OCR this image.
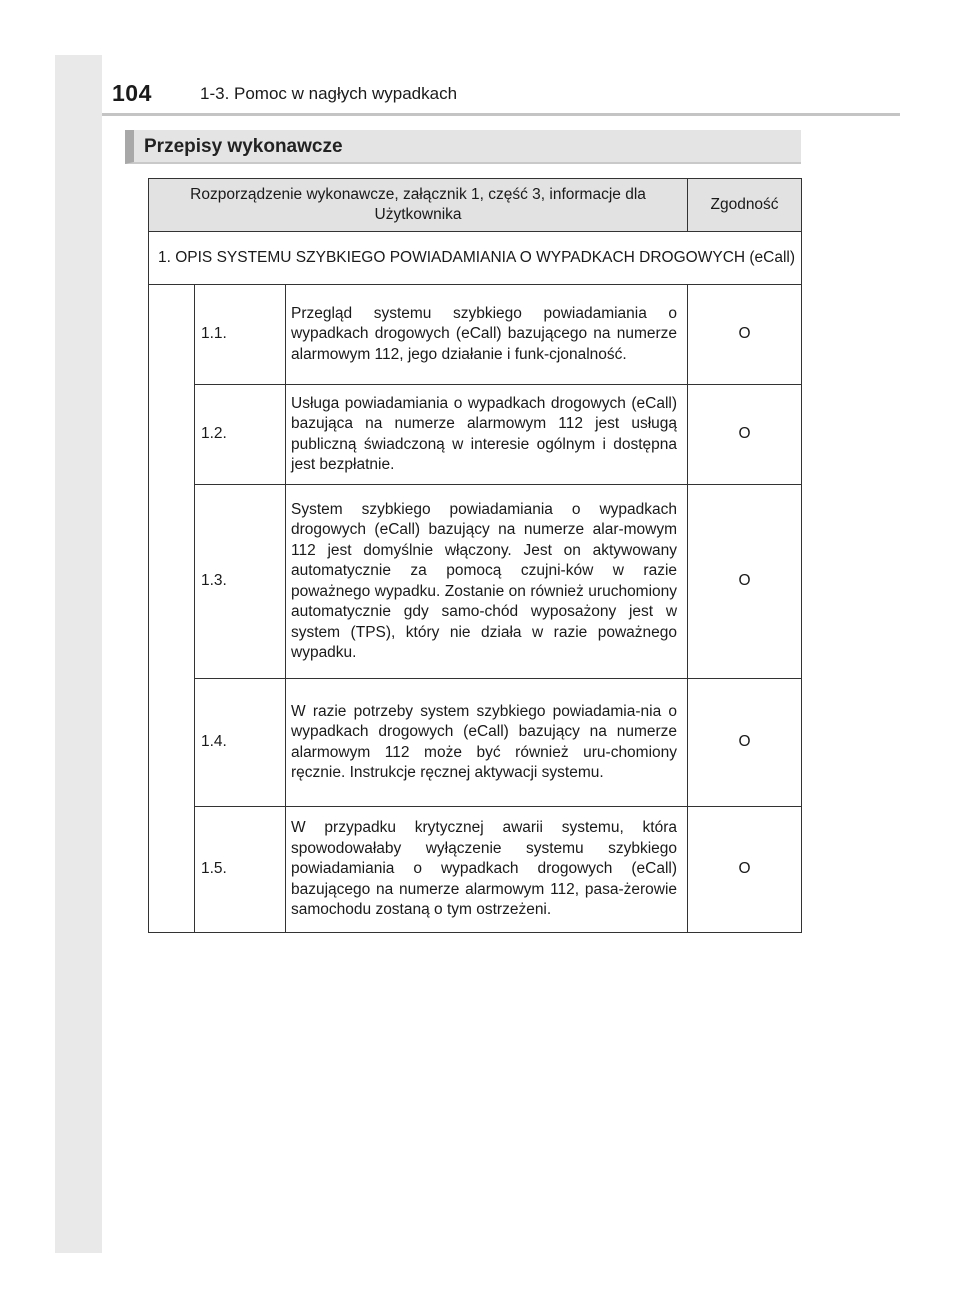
104	1-3. Pomoc w nagłych wypadkach
Przepisy wykonawcze
Rozporządzenie wykonawcze, załącznik 1, część 3, informacje dla Użytkownika			Zgodność

1. OPIS SYSTEMU SZYBKIEGO POWIADAMIANIA O WYPADKACH DROGOWYCH (eCall)			

	1.1.	Przegląd systemu szybkiego powiadamiania o wypadkach drogowych (eCall) bazującego na numerze alarmowym 112, jego działanie i funk-cjonalność.	O
	1.2.	Usługa powiadamiania o wypadkach drogowych (eCall) bazująca na numerze alarmowym 112 jest usługą publiczną świadczoną w interesie ogólnym i dostępna jest bezpłatnie.	O
	1.3.	System szybkiego powiadamiania o wypadkach drogowych (eCall) bazujący na numerze alar-mowym 112 jest domyślnie włączony. Jest on aktywowany automatycznie za pomocą czujni-ków w razie poważnego wypadku. Zostanie on również uruchomiony automatycznie gdy samo-chód wyposażony jest w system (TPS), który nie działa w razie poważnego wypadku.	O
	1.4.	W razie potrzeby system szybkiego powiadamia-nia o wypadkach drogowych (eCall) bazujący na numerze alarmowym 112 może być również uru-chomiony ręcznie. Instrukcje ręcznej aktywacji systemu.	O
	1.5.	W przypadku krytycznej awarii systemu, która spowodowałaby wyłączenie systemu szybkiego powiadamiania o wypadkach drogowych (eCall) bazującego na numerze alarmowym 112, pasa-żerowie samochodu zostaną o tym ostrzeżeni.	O
